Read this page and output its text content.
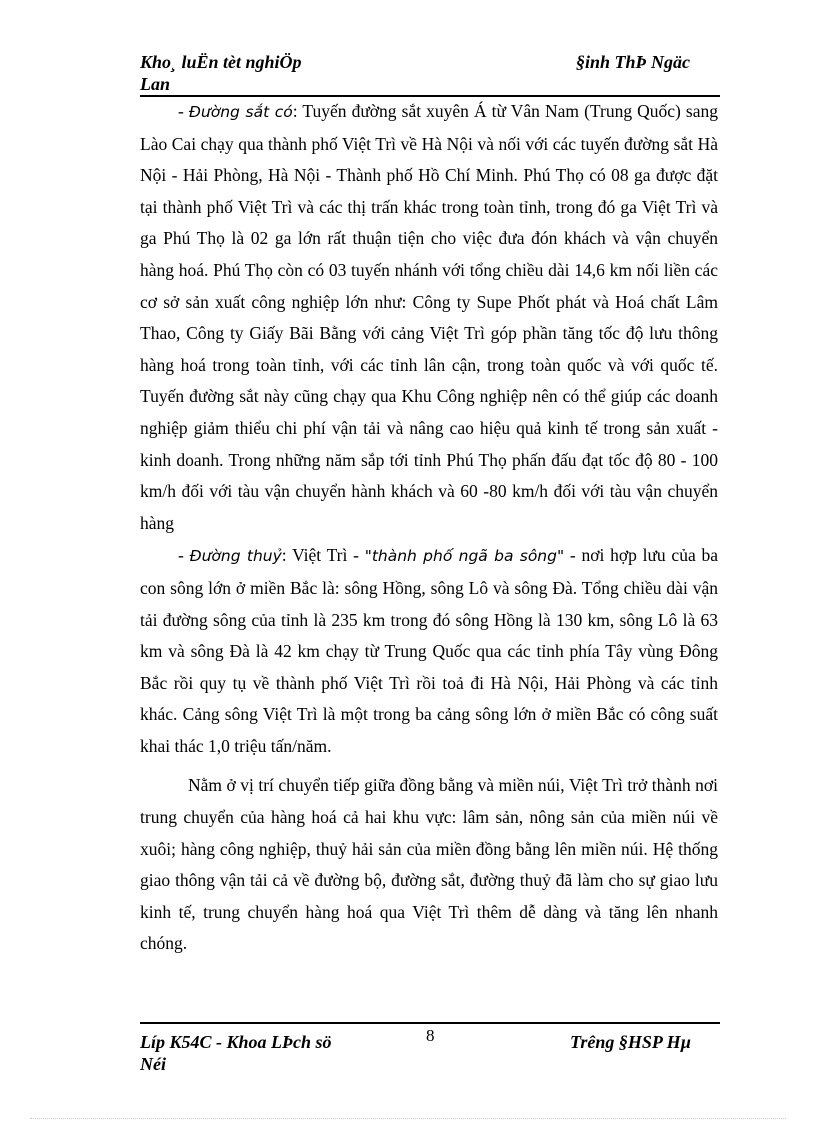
Kho¸ luËn tèt nghiÖp
Lan
§inh ThÞ Ngäc

- Đường sắt có: Tuyến đường sắt xuyên Á từ Vân Nam (Trung Quốc) sang Lào Cai chạy qua thành phố Việt Trì về Hà Nội và nối với các tuyến đường sắt Hà Nội - Hải Phòng, Hà Nội - Thành phố Hồ Chí Minh. Phú Thọ có 08 ga được đặt tại thành phố Việt Trì và các thị trấn khác trong toàn tỉnh, trong đó ga Việt Trì và ga Phú Thọ là 02 ga lớn rất thuận tiện cho việc đưa đón khách và vận chuyển hàng hoá. Phú Thọ còn có 03 tuyến nhánh với tổng chiều dài 14,6 km nối liền các cơ sở sản xuất công nghiệp lớn như: Công ty Supe Phốt phát và Hoá chất Lâm Thao, Công ty Giấy Bãi Bằng với cảng Việt Trì góp phần tăng tốc độ lưu thông hàng hoá trong toàn tỉnh, với các tỉnh lân cận, trong toàn quốc và với quốc tế. Tuyến đường sắt này cũng chạy qua Khu Công nghiệp nên có thể giúp các doanh nghiệp giảm thiểu chi phí vận tải và nâng cao hiệu quả kinh tế trong sản xuất - kinh doanh. Trong những năm sắp tới tỉnh Phú Thọ phấn đấu đạt tốc độ 80 - 100 km/h đối với tàu vận chuyển hành khách và 60 -80 km/h đối với tàu vận chuyển hàng

- Đường thuỷ: Việt Trì - "thành phố ngã ba sông" - nơi hợp lưu của ba con sông lớn ở miền Bắc là: sông Hồng, sông Lô và sông Đà. Tổng chiều dài vận tải đường sông của tỉnh là 235 km trong đó sông Hồng là 130 km, sông Lô là 63 km và sông Đà là 42 km chạy từ Trung Quốc qua các tỉnh phía Tây vùng Đông Bắc rồi quy tụ về thành phố Việt Trì rồi toả đi Hà Nội, Hải Phòng và các tỉnh khác. Cảng sông Việt Trì là một trong ba cảng sông lớn ở miền Bắc có công suất khai thác 1,0 triệu tấn/năm.

Nằm ở vị trí chuyển tiếp giữa đồng bằng và miền núi, Việt Trì trở thành nơi trung chuyển của hàng hoá cả hai khu vực: lâm sản, nông sản của miền núi về xuôi; hàng công nghiệp, thuỷ hải sản của miền đồng bằng lên miền núi. Hệ thống giao thông vận tải cả về đường bộ, đường sắt, đường thuỷ đã làm cho sự giao lưu kinh tế, trung chuyển hàng hoá qua Việt Trì thêm dễ dàng và tăng lên nhanh chóng.

Líp K54C - Khoa LÞch sö
Néi
8	Trêng §HSP Hµ
